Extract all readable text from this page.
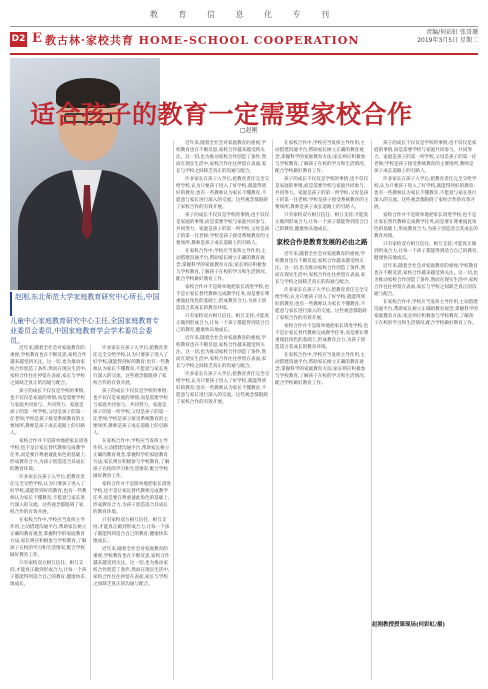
教 育 信 息 化 专 刊
D2 E 教古林·家校共育 HOME-SCHOOL COOPERATION
责编/何彩虹 张哥珊
2019年3月5日 星期二
适合孩子的教育一定需要家校合作
□赵刚
赵刚,东北师范大学家庭教育研究中心所长,中国儿童中心家庭教育研究中心主任,全国家庭教育专业委员会委员,中国家庭教育学会学术委员会委员。

近年来,随着全社会对家庭教育的重视,学校教育也在不断反思,家校合作越来越受到关注。这一切,也为推动家校合作创造了条件,然而在现实生活中,家校合作往往停留在表面,家长与学校之间缺乏真正的沟通与配合。

孩子的成长不仅仅是学校的事情,也不仅仅是家庭的事情,而是需要学校与家庭共同参与、共同努力。家庭是孩子的第一所学校,父母是孩子的第一任老师;学校是孩子接受系统教育的主要场所,教师是孩子成长道路上的引路人。

家校合作并不是简单地把家长请进学校,也不是让家长替代教师完成教学任务,而是要在尊重彼此角色的基础上,形成教育合力,为孩子创造适合其成长的教育环境。

许多家长在孩子入学后,把教育责任完全交给学校,认为只要孩子进入了好学校,就能得到好的教育;也有一些教师认为家长不懂教育,不愿意与家长进行深入的交流。这些观念都阻碍了家校合作的有效开展。

在家校合作中,学校应当发挥主导作用,主动搭建沟通平台,帮助家长树立正确的教育观念,掌握科学的家庭教育方法;家长则应积极参与学校教育,了解孩子在校的学习和生活情况,配合学校做好教育工作。

只有家校双方相互信任、相互支持,才能真正做到形成合力,让每一个孩子都能得到适合自己的教育,健康快乐地成长。

许多家长在孩子入学后,把教育责任完全交给学校,认为只要孩子进入了好学校,就能得到好的教育;也有一些教师认为家长不懂教育,不愿意与家长进行深入的交流。这些观念都阻碍了家校合作的有效开展。

孩子的成长不仅仅是学校的事情,也不仅仅是家庭的事情,而是需要学校与家庭共同参与、共同努力。家庭是孩子的第一所学校,父母是孩子的第一任老师;学校是孩子接受系统教育的主要场所,教师是孩子成长道路上的引路人。

在家校合作中,学校应当发挥主导作用,主动搭建沟通平台,帮助家长树立正确的教育观念,掌握科学的家庭教育方法;家长则应积极参与学校教育,了解孩子在校的学习和生活情况,配合学校做好教育工作。

家校合作并不是简单地把家长请进学校,也不是让家长替代教师完成教学任务,而是要在尊重彼此角色的基础上,形成教育合力,为孩子创造适合其成长的教育环境。

只有家校双方相互信任、相互支持,才能真正做到形成合力,让每一个孩子都能得到适合自己的教育,健康快乐地成长。

近年来,随着全社会对家庭教育的重视,学校教育也在不断反思,家校合作越来越受到关注。这一切,也为推动家校合作创造了条件,然而在现实生活中,家校合作往往停留在表面,家长与学校之间缺乏真正的沟通与配合。

近年来,随着全社会对家庭教育的重视,学校教育也在不断反思,家校合作越来越受到关注。这一切,也为推动家校合作创造了条件,然而在现实生活中,家校合作往往停留在表面,家长与学校之间缺乏真正的沟通与配合。

许多家长在孩子入学后,把教育责任完全交给学校,认为只要孩子进入了好学校,就能得到好的教育;也有一些教师认为家长不懂教育,不愿意与家长进行深入的交流。这些观念都阻碍了家校合作的有效开展。

孩子的成长不仅仅是学校的事情,也不仅仅是家庭的事情,而是需要学校与家庭共同参与、共同努力。家庭是孩子的第一所学校,父母是孩子的第一任老师;学校是孩子接受系统教育的主要场所,教师是孩子成长道路上的引路人。

在家校合作中,学校应当发挥主导作用,主动搭建沟通平台,帮助家长树立正确的教育观念,掌握科学的家庭教育方法;家长则应积极参与学校教育,了解孩子在校的学习和生活情况,配合学校做好教育工作。

家校合作并不是简单地把家长请进学校,也不是让家长替代教师完成教学任务,而是要在尊重彼此角色的基础上,形成教育合力,为孩子创造适合其成长的教育环境。

只有家校双方相互信任、相互支持,才能真正做到形成合力,让每一个孩子都能得到适合自己的教育,健康快乐地成长。

近年来,随着全社会对家庭教育的重视,学校教育也在不断反思,家校合作越来越受到关注。这一切,也为推动家校合作创造了条件,然而在现实生活中,家校合作往往停留在表面,家长与学校之间缺乏真正的沟通与配合。

许多家长在孩子入学后,把教育责任完全交给学校,认为只要孩子进入了好学校,就能得到好的教育;也有一些教师认为家长不懂教育,不愿意与家长进行深入的交流。这些观念都阻碍了家校合作的有效开展。

在家校合作中,学校应当发挥主导作用,主动搭建沟通平台,帮助家长树立正确的教育观念,掌握科学的家庭教育方法;家长则应积极参与学校教育,了解孩子在校的学习和生活情况,配合学校做好教育工作。

孩子的成长不仅仅是学校的事情,也不仅仅是家庭的事情,而是需要学校与家庭共同参与、共同努力。家庭是孩子的第一所学校,父母是孩子的第一任老师;学校是孩子接受系统教育的主要场所,教师是孩子成长道路上的引路人。

只有家校双方相互信任、相互支持,才能真正做到形成合力,让每一个孩子都能得到适合自己的教育,健康快乐地成长。

家校合作是教育发展的必由之路

近年来,随着全社会对家庭教育的重视,学校教育也在不断反思,家校合作越来越受到关注。这一切,也为推动家校合作创造了条件,然而在现实生活中,家校合作往往停留在表面,家长与学校之间缺乏真正的沟通与配合。

许多家长在孩子入学后,把教育责任完全交给学校,认为只要孩子进入了好学校,就能得到好的教育;也有一些教师认为家长不懂教育,不愿意与家长进行深入的交流。这些观念都阻碍了家校合作的有效开展。

家校合作并不是简单地把家长请进学校,也不是让家长替代教师完成教学任务,而是要在尊重彼此角色的基础上,形成教育合力,为孩子创造适合其成长的教育环境。

在家校合作中,学校应当发挥主导作用,主动搭建沟通平台,帮助家长树立正确的教育观念,掌握科学的家庭教育方法;家长则应积极参与学校教育,了解孩子在校的学习和生活情况,配合学校做好教育工作。

孩子的成长不仅仅是学校的事情,也不仅仅是家庭的事情,而是需要学校与家庭共同参与、共同努力。家庭是孩子的第一所学校,父母是孩子的第一任老师;学校是孩子接受系统教育的主要场所,教师是孩子成长道路上的引路人。

许多家长在孩子入学后,把教育责任完全交给学校,认为只要孩子进入了好学校,就能得到好的教育;也有一些教师认为家长不懂教育,不愿意与家长进行深入的交流。这些观念都阻碍了家校合作的有效开展。

家校合作并不是简单地把家长请进学校,也不是让家长替代教师完成教学任务,而是要在尊重彼此角色的基础上,形成教育合力,为孩子创造适合其成长的教育环境。

只有家校双方相互信任、相互支持,才能真正做到形成合力,让每一个孩子都能得到适合自己的教育,健康快乐地成长。

近年来,随着全社会对家庭教育的重视,学校教育也在不断反思,家校合作越来越受到关注。这一切,也为推动家校合作创造了条件,然而在现实生活中,家校合作往往停留在表面,家长与学校之间缺乏真正的沟通与配合。

在家校合作中,学校应当发挥主导作用,主动搭建沟通平台,帮助家长树立正确的教育观念,掌握科学的家庭教育方法;家长则应积极参与学校教育,了解孩子在校的学习和生活情况,配合学校做好教育工作。

赵刚教授授课现场(何彩虹/摄)
